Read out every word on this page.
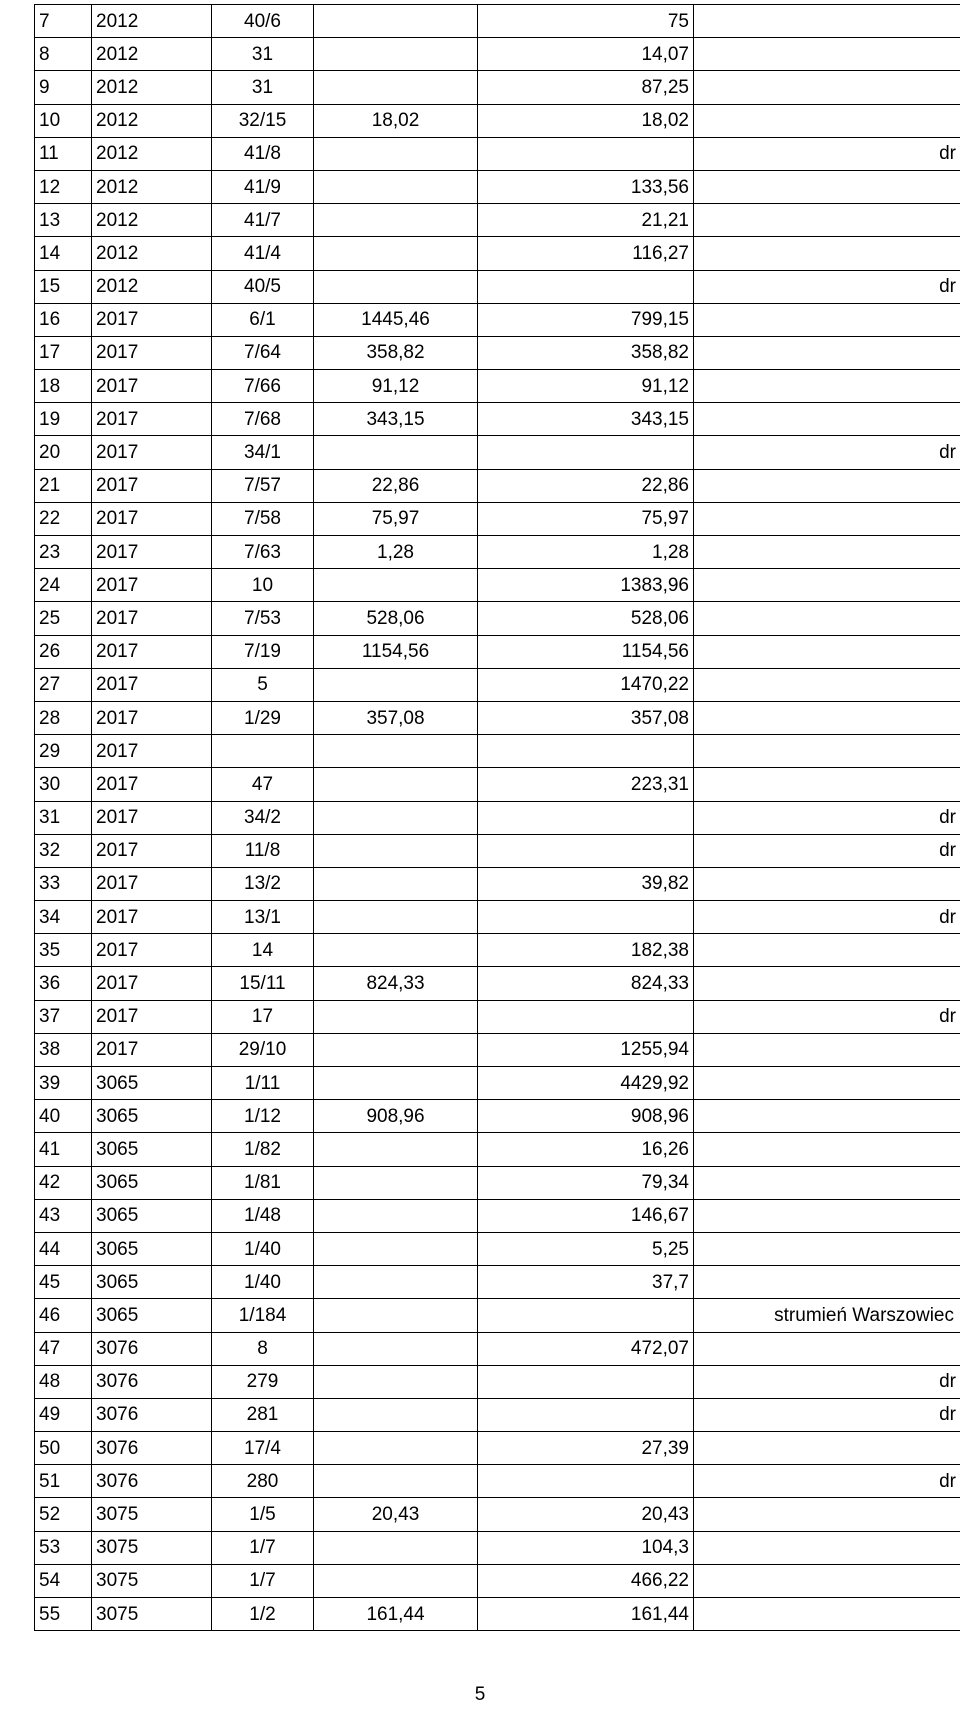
7	2012	40/6		75	
8	2012	31		14,07	
9	2012	31		87,25	
10	2012	32/15	18,02	18,02	
11	2012	41/8			dr
12	2012	41/9		133,56	
13	2012	41/7		21,21	
14	2012	41/4		116,27	
15	2012	40/5			dr
16	2017	6/1	1445,46	799,15	
17	2017	7/64	358,82	358,82	
18	2017	7/66	91,12	91,12	
19	2017	7/68	343,15	343,15	
20	2017	34/1			dr
21	2017	7/57	22,86	22,86	
22	2017	7/58	75,97	75,97	
23	2017	7/63	1,28	1,28	
24	2017	10		1383,96	
25	2017	7/53	528,06	528,06	
26	2017	7/19	1154,56	1154,56	
27	2017	5		1470,22	
28	2017	1/29	357,08	357,08	
29	2017				
30	2017	47		223,31	
31	2017	34/2			dr
32	2017	11/8			dr
33	2017	13/2		39,82	
34	2017	13/1			dr
35	2017	14		182,38	
36	2017	15/11	824,33	824,33	
37	2017	17			dr
38	2017	29/10		1255,94	
39	3065	1/11		4429,92	
40	3065	1/12	908,96	908,96	
41	3065	1/82		16,26	
42	3065	1/81		79,34	
43	3065	1/48		146,67	
44	3065	1/40		5,25	
45	3065	1/40		37,7	
46	3065	1/184			strumień Warszowiec
47	3076	8		472,07	
48	3076	279			dr
49	3076	281			dr
50	3076	17/4		27,39	
51	3076	280			dr
52	3075	1/5	20,43	20,43	
53	3075	1/7		104,3	
54	3075	1/7		466,22	
55	3075	1/2	161,44	161,44	
5
